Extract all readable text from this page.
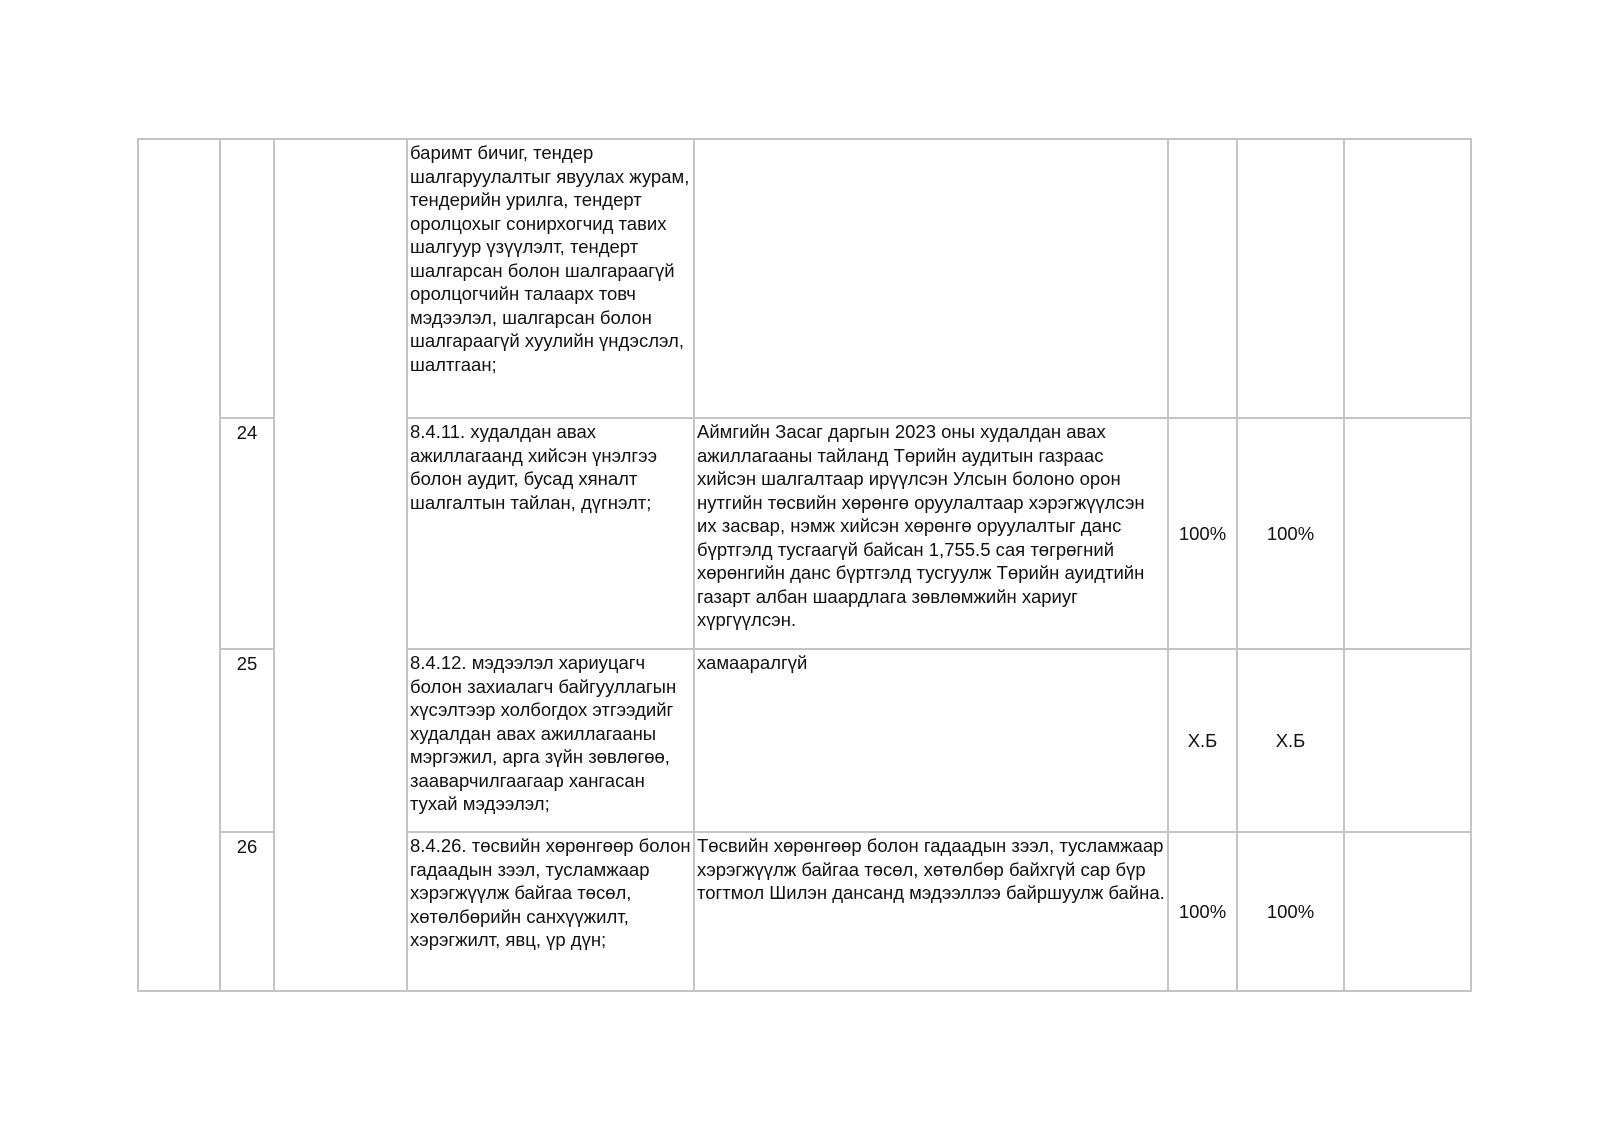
			баримт бичиг, тендер шалгаруулалтыг явуулах журам, тендерийн урилга, тендерт оролцохыг сонирхогчид тавих шалгуур үзүүлэлт, тендерт шалгарсан болон шалгараагүй оролцогчийн талаарх товч мэдээлэл, шалгарсан болон шалгараагүй хуулийн үндэслэл, шалтгаан;				
	24		8.4.11. худалдан авах ажиллагаанд хийсэн үнэлгээ болон аудит, бусад хяналт шалгалтын тайлан, дүгнэлт;	Аймгийн Засаг даргын 2023 оны худалдан авах ажиллагааны тайланд Төрийн аудитын газраас хийсэн шалгалтаар ирүүлсэн Улсын болоно орон нутгийн төсвийн хөрөнгө оруулалтаар хэрэгжүүлсэн их засвар, нэмж хийсэн хөрөнгө оруулалтыг данс бүртгэлд тусгаагүй байсан 1,755.5 сая төгрөгний хөрөнгийн данс бүртгэлд тусгуулж Төрийн ауидтийн газарт албан шаардлага зөвлөмжийн хариуг хүргүүлсэн.	100%	100%	
	25		8.4.12. мэдээлэл хариуцагч болон захиалагч байгууллагын хүсэлтээр холбогдох этгээдийг худалдан авах ажиллагааны мэргэжил, арга зүйн зөвлөгөө, зааварчилгаагаар хангасан тухай мэдээлэл;	хамааралгүй	Х.Б	Х.Б	
	26		8.4.26. төсвийн хөрөнгөөр болон гадаадын зээл, тусламжаар хэрэгжүүлж байгаа төсөл, хөтөлбөрийн санхүүжилт, хэрэгжилт, явц, үр дүн;	Төсвийн хөрөнгөөр болон гадаадын зээл, тусламжаар хэрэгжүүлж байгаа төсөл, хөтөлбөр байхгүй сар бүр тогтмол Шилэн дансанд мэдээллээ байршуулж байна.	100%	100%	
